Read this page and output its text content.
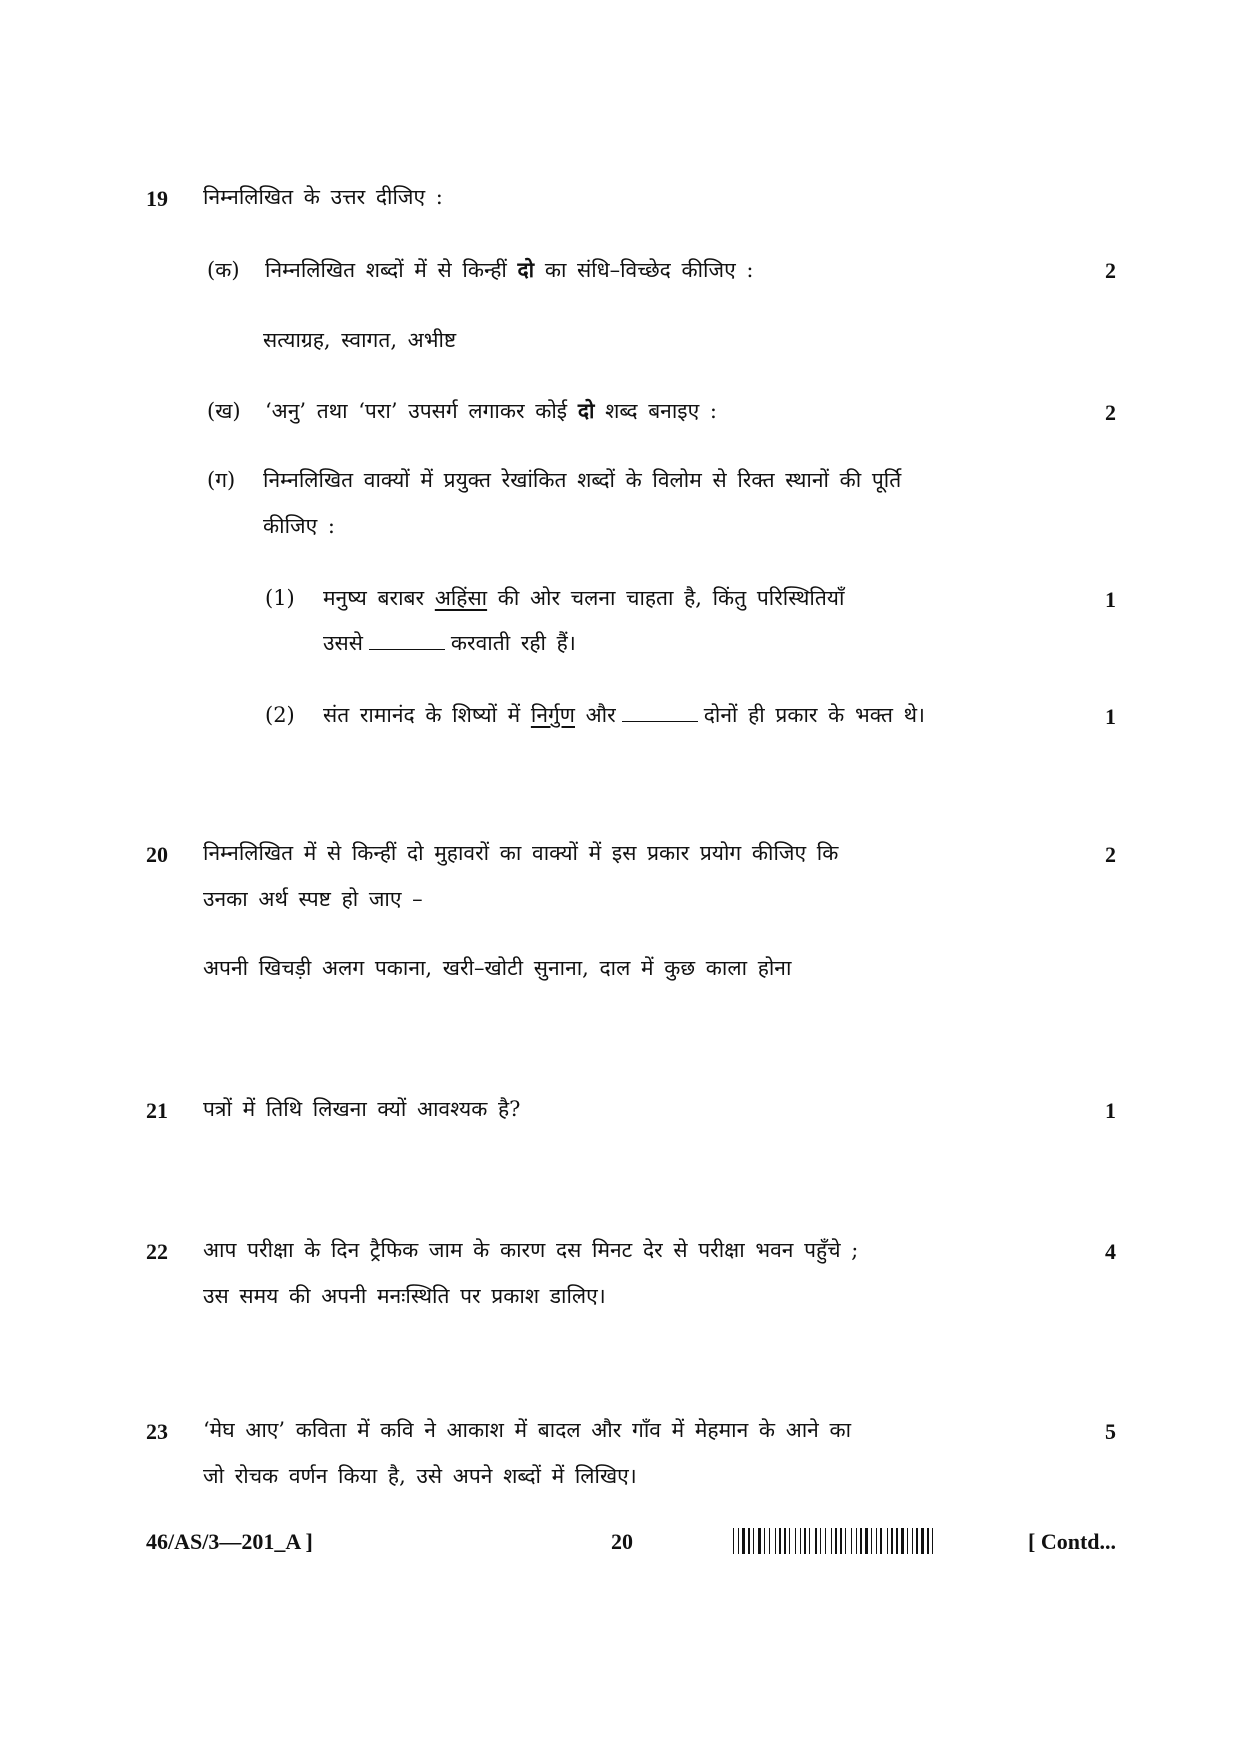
19 निम्नलिखित के उत्तर दीजिए :
(क) निम्नलिखित शब्दों में से किन्हीं दो का संधि–विच्छेद कीजिए :	2
सत्याग्रह, स्वागत, अभीष्ट
(ख) ‘अनु’ तथा ‘परा’ उपसर्ग लगाकर कोई दो शब्द बनाइए :	2
(ग) निम्नलिखित वाक्यों में प्रयुक्त रेखांकित शब्दों के विलोम से रिक्त स्थानों की पूर्ति
कीजिए :
(1) मनुष्य बराबर अहिंसा की ओर चलना चाहता है, किंतु परिस्थितियाँ	1
उससे	करवाती रही हैं।
(2) संत रामानंद के शिष्यों में निर्गुण और	दोनों ही प्रकार के भक्त थे।	1
20 निम्नलिखित में से किन्हीं दो मुहावरों का वाक्यों में इस प्रकार प्रयोग कीजिए कि	2
उनका अर्थ स्पष्ट हो जाए –
अपनी खिचड़ी अलग पकाना, खरी–खोटी सुनाना, दाल में कुछ काला होना
21 पत्रों में तिथि लिखना क्यों आवश्यक है?	1
22 आप परीक्षा के दिन ट्रैफिक जाम के कारण दस मिनट देर से परीक्षा भवन पहुँचे ;	4
उस समय की अपनी मनःस्थिति पर प्रकाश डालिए।
23 ‘मेघ आए’ कविता में कवि ने आकाश में बादल और गाँव में मेहमान के आने का	5
जो रोचक वर्णन किया है, उसे अपने शब्दों में लिखिए।
46/AS/3—201_A ]	20	[ Contd...
